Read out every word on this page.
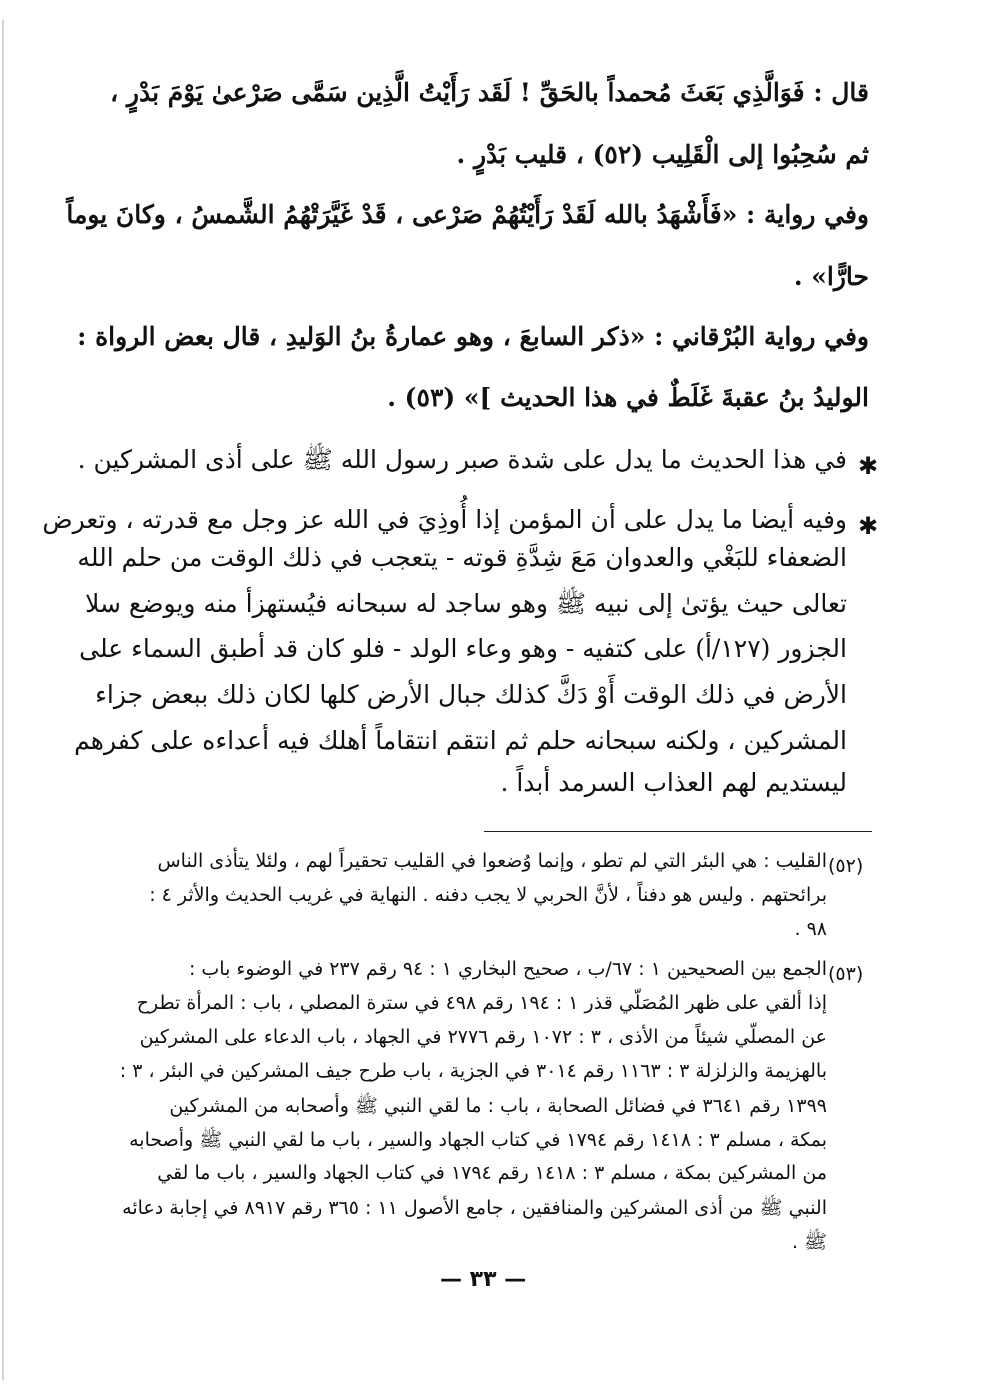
قال : فَوَالَّذِي بَعَثَ مُحمداً بالحَقِّ ! لَقَد رَأَيْتُ الَّذِين سَمَّى صَرْعىٰ يَوْمَ بَدْرٍ ،
ثم سُحِبُوا إلى الْقَلِيب (٥٢) ، قليب بَدْرٍ .
وفي رواية : «فَأَشْهَدُ بالله لَقَدْ رَأَيْتُهُمْ صَرْعى ، قَدْ غَيَّرَتْهُمُ الشَّمسُ ، وكانَ يوماً
حارًّا» .
وفي رواية البُرْقاني : «ذكر السابعَ ، وهو عمارةُ بنُ الوَليدِ ، قال بعض الرواة :
الوليدُ بنُ عقبةَ غَلَطٌ في هذا الحديث ]» (٥٣) .
✱
في هذا الحديث ما يدل على شدة صبر رسول الله ﷺ على أذى المشركين .
✱
وفيه أيضا ما يدل على أن المؤمن إذا أُوذِيَ في الله عز وجل مع قدرته ، وتعرض
الضعفاء للبَغْي والعدوان مَعَ شِدَّةِ قوته - يتعجب في ذلك الوقت من حلم الله
تعالى حيث يؤتىٰ إلى نبيه ﷺ وهو ساجد له سبحانه فيُستهزأ منه ويوضع سلا
الجزور (١٢٧/أ) على كتفيه - وهو وعاء الولد - فلو كان قد أطبق السماء على
الأرض في ذلك الوقت أَوْ دَكَّ كذلك جبال الأرض كلها لكان ذلك ببعض جزاء
المشركين ، ولكنه سبحانه حلم ثم انتقم انتقاماً أهلك فيه أعداءه على كفرهم
ليستديم لهم العذاب السرمد أبداً .
(٥٢)
القليب : هي البئر التي لم تطو ، وإنما وُضعوا في القليب تحقيراً لهم ، ولئلا يتأذى الناس
برائحتهم . وليس هو دفناً ، لأنَّ الحربي لا يجب دفنه . النهاية في غريب الحديث والأثر ٤ :
٩٨ .
(٥٣)
الجمع بين الصحيحين ١ : ٦٧/ب ، صحيح البخاري ١ : ٩٤ رقم ٢٣٧ في الوضوء باب :
إذا ألقي على ظهر المُصَلّي قذر ١ : ١٩٤ رقم ٤٩٨ في سترة المصلي ، باب : المرأة تطرح
عن المصلّي شيئاً من الأذى ، ٣ : ١٠٧٢ رقم ٢٧٧٦ في الجهاد ، باب الدعاء على المشركين
بالهزيمة والزلزلة ٣ : ١١٦٣ رقم ٣٠١٤ في الجزية ، باب طرح جيف المشركين في البئر ، ٣ :
١٣٩٩ رقم ٣٦٤١ في فضائل الصحابة ، باب : ما لقي النبي ﷺ وأصحابه من المشركين
بمكة ، مسلم ٣ : ١٤١٨ رقم ١٧٩٤ في كتاب الجهاد والسير ، باب ما لقي النبي ﷺ وأصحابه
من المشركين بمكة ، مسلم ٣ : ١٤١٨ رقم ١٧٩٤ في كتاب الجهاد والسير ، باب ما لقي
النبي ﷺ من أذى المشركين والمنافقين ، جامع الأصول ١١ : ٣٦٥ رقم ٨٩١٧ في إجابة دعائه
ﷺ .
— ٣٣ —
